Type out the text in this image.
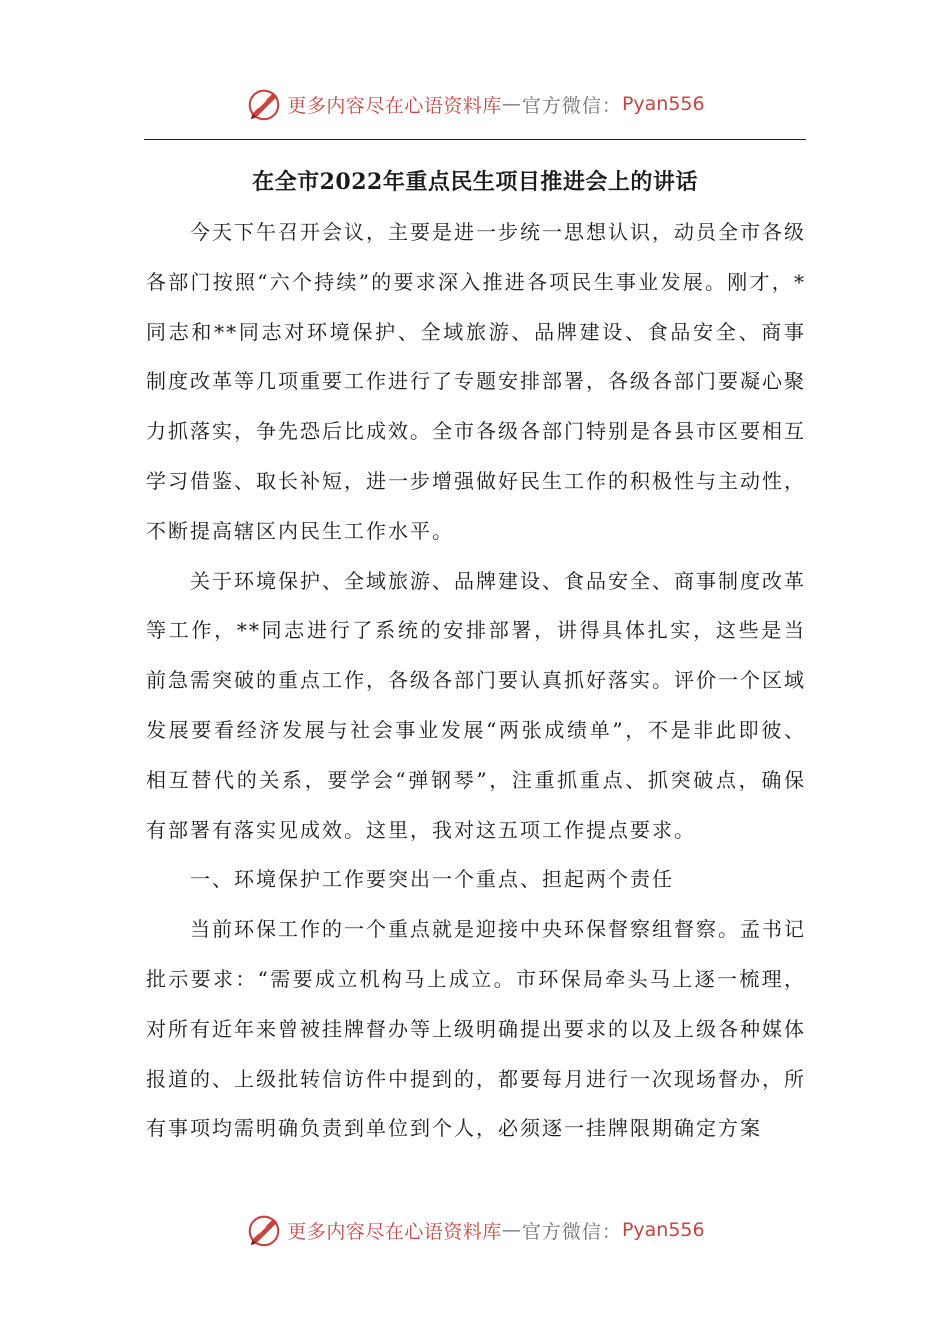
更多内容尽在心语资料库 — 官方微信： Pyan556
在全市2022年重点民生项目推进会上的讲话

今天下午召开会议，主要是进一步统一思想认识，动员全市各级各部门按照“六个持续”的要求深入推进各项民生事业发展。刚才，*同志和**同志对环境保护、全域旅游、品牌建设、食品安全、商事制度改革等几项重要工作进行了专题安排部署，各级各部门要凝心聚力抓落实，争先恐后比成效。全市各级各部门特别是各县市区要相互学习借鉴、取长补短，进一步增强做好民生工作的积极性与主动性，不断提高辖区内民生工作水平。

关于环境保护、全域旅游、品牌建设、食品安全、商事制度改革等工作，**同志进行了系统的安排部署，讲得具体扎实，这些是当前急需突破的重点工作，各级各部门要认真抓好落实。评价一个区域发展要看经济发展与社会事业发展“两张成绩单”，不是非此即彼、相互替代的关系，要学会“弹钢琴”，注重抓重点、抓突破点，确保有部署有落实见成效。这里，我对这五项工作提点要求。

一、环境保护工作要突出一个重点、担起两个责任

当前环保工作的一个重点就是迎接中央环保督察组督察。孟书记批示要求：“需要成立机构马上成立。市环保局牵头马上逐一梳理，对所有近年来曾被挂牌督办等上级明确提出要求的以及上级各种媒体报道的、上级批转信访件中提到的，都要每月进行一次现场督办，所有事项均需明确负责到单位到个人，必须逐一挂牌限期确定方案

更多内容尽在心语资料库 — 官方微信： Pyan556
